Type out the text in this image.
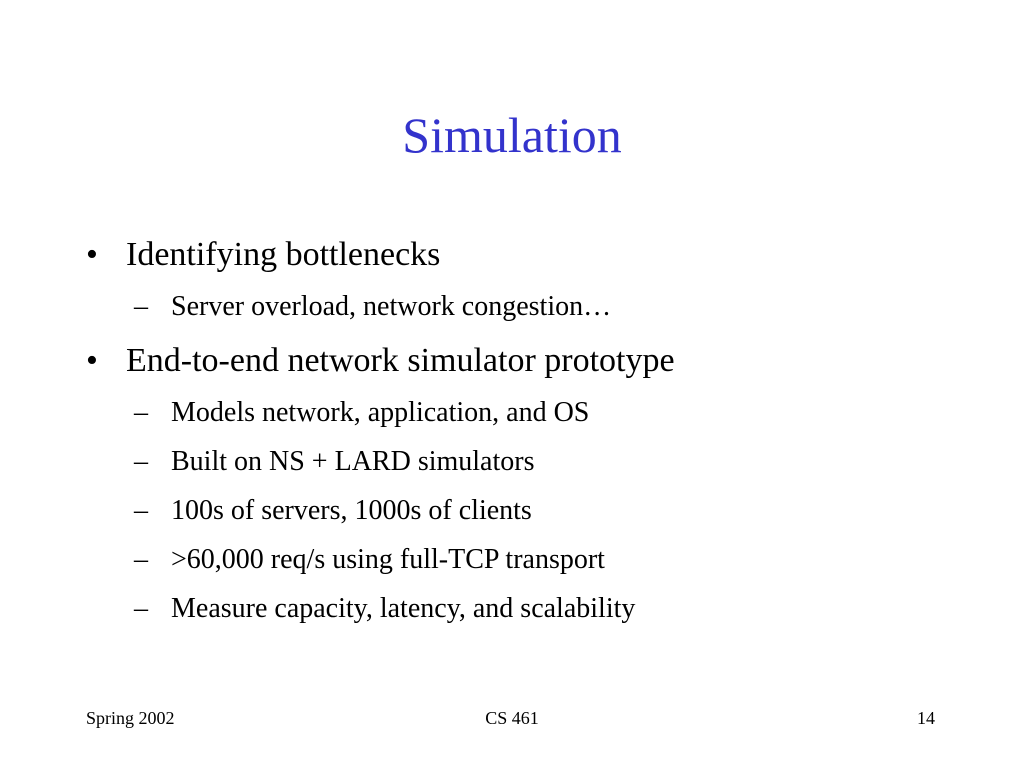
Simulation
• Identifying bottlenecks
– Server overload, network congestion…
• End-to-end network simulator prototype
– Models network, application, and OS
– Built on NS + LARD simulators
– 100s of servers, 1000s of clients
– >60,000 req/s using full-TCP transport
– Measure capacity, latency, and scalability
Spring 2002	CS 461	14
